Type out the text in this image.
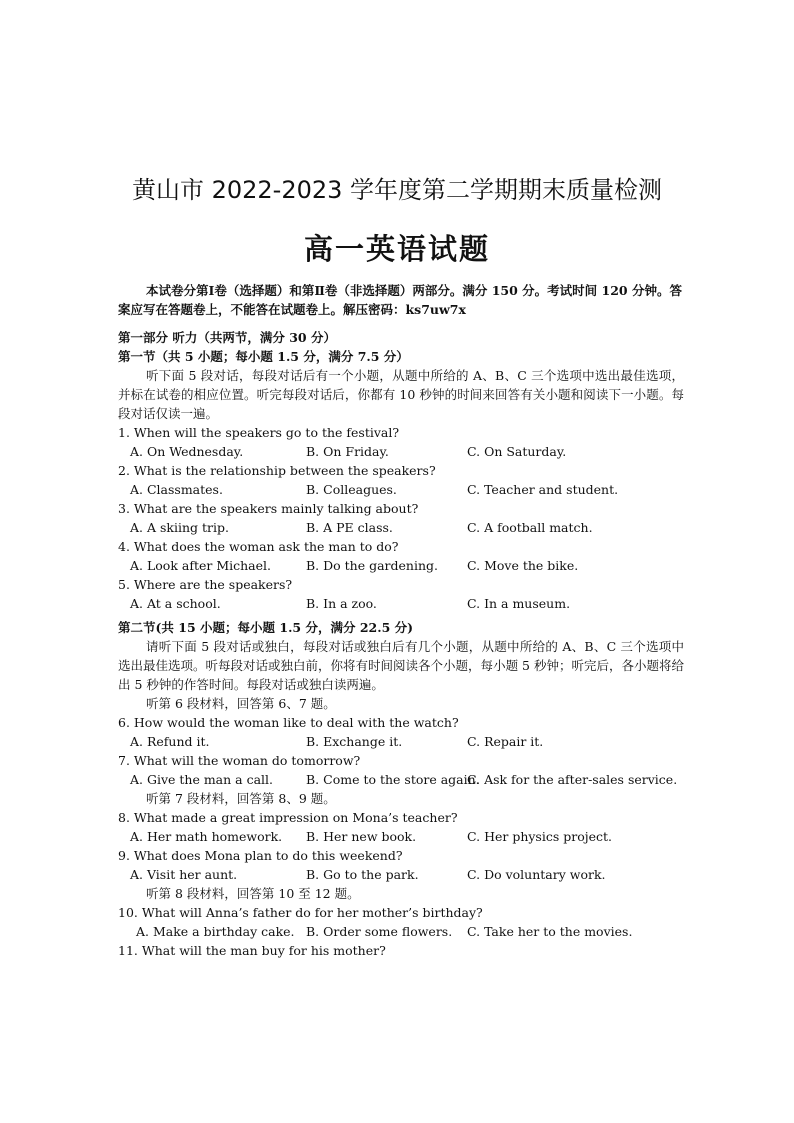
黄山市 2022-2023 学年度第二学期期末质量检测
高一英语试题
本试卷分第Ⅰ卷（选择题）和第Ⅱ卷（非选择题）两部分。满分 150 分。考试时间 120 分钟。答案应写在答题卷上，不能答在试题卷上。解压密码：ks7uw7x
第一部分 听力（共两节，满分 30 分）
第一节（共 5 小题；每小题 1.5 分，满分 7.5 分）
听下面 5 段对话，每段对话后有一个小题，从题中所给的 A、B、C 三个选项中选出最佳选项，并标在试卷的相应位置。听完每段对话后，你都有 10 秒钟的时间来回答有关小题和阅读下一小题。每段对话仅读一遍。
1. When will the speakers go to the festival?
A. On Wednesday.	B. On Friday.	C. On Saturday.
2. What is the relationship between the speakers?
A. Classmates.	B. Colleagues.	C. Teacher and student.
3. What are the speakers mainly talking about?
A. A skiing trip.	B. A PE class.	C. A football match.
4. What does the woman ask the man to do?
A. Look after Michael.	B. Do the gardening. C. Move the bike.
5. Where are the speakers?
A. At a school.	B. In a zoo.	C. In a museum.
第二节(共 15 小题；每小题 1.5 分，满分 22.5 分)
请听下面 5 段对话或独白，每段对话或独白后有几个小题，从题中所给的 A、B、C 三个选项中选出最佳选项。听每段对话或独白前，你将有时间阅读各个小题，每小题 5 秒钟；听完后，各小题将给出 5 秒钟的作答时间。每段对话或独白读两遍。
听第 6 段材料，回答第 6、7 题。
6. How would the woman like to deal with the watch?
A. Refund it.	B. Exchange it.	C. Repair it.
7. What will the woman do tomorrow?
A. Give the man a call.	B. Come to the store again.
C. Ask for the after-sales service.
听第 7 段材料，回答第 8、9 题。
8. What made a great impression on Mona’s teacher?
A. Her math homework. B. Her new book.	C. Her physics project.
9. What does Mona plan to do this weekend?
A. Visit her aunt.	B. Go to the park.	C. Do voluntary work.
听第 8 段材料，回答第 10 至 12 题。
10. What will Anna’s father do for her mother’s birthday?
A. Make a birthday cake. B. Order some flowers. C. Take her to the movies.
11. What will the man buy for his mother?
